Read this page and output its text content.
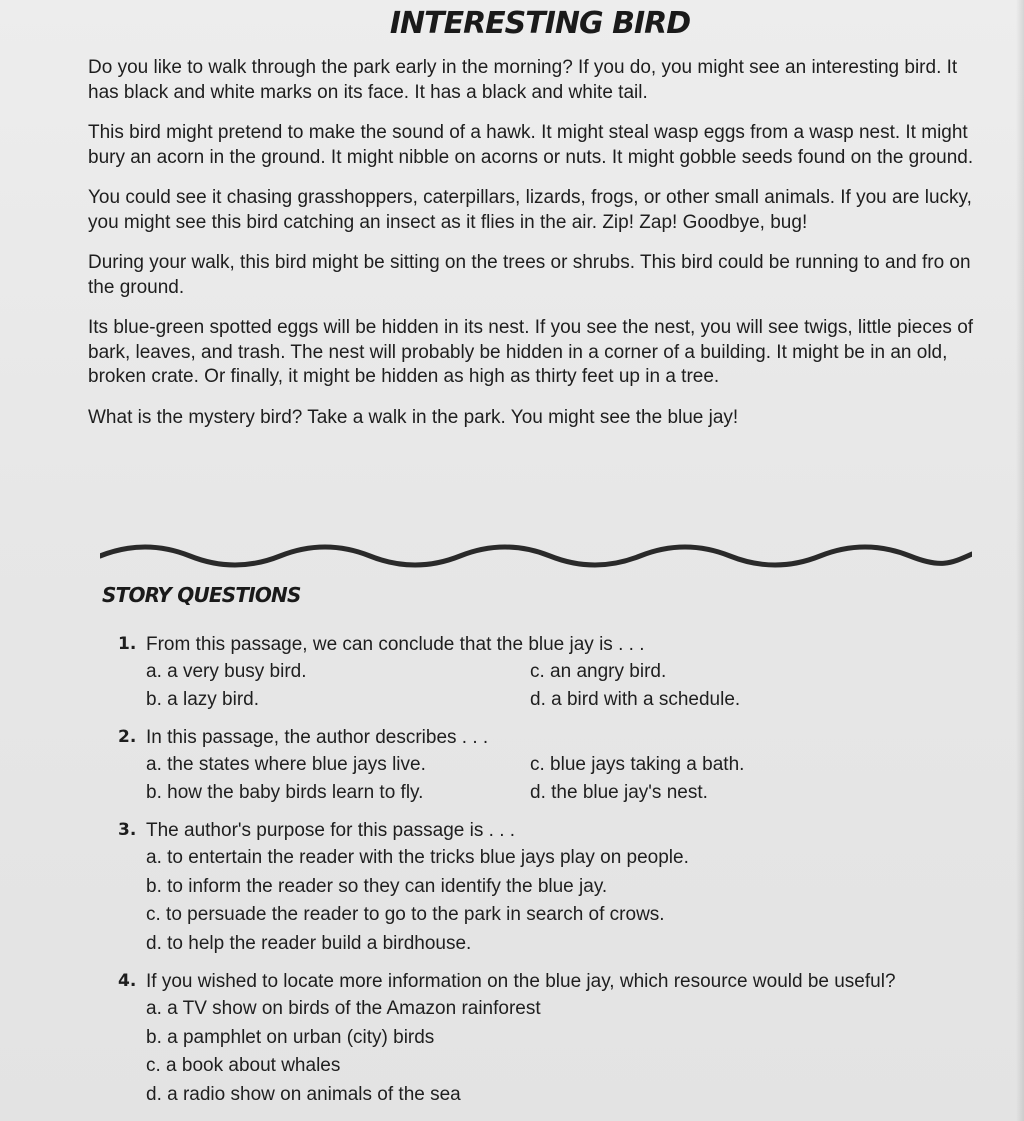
INTERESTING BIRD

Do you like to walk through the park early in the morning? If you do, you might see an interesting bird. It has black and white marks on its face. It has a black and white tail.

This bird might pretend to make the sound of a hawk. It might steal wasp eggs from a wasp nest. It might bury an acorn in the ground. It might nibble on acorns or nuts. It might gobble seeds found on the ground.

You could see it chasing grasshoppers, caterpillars, lizards, frogs, or other small animals. If you are lucky, you might see this bird catching an insect as it flies in the air. Zip! Zap! Goodbye, bug!

During your walk, this bird might be sitting on the trees or shrubs. This bird could be running to and fro on the ground.

Its blue-green spotted eggs will be hidden in its nest. If you see the nest, you will see twigs, little pieces of bark, leaves, and trash. The nest will probably be hidden in a corner of a building. It might be in an old, broken crate. Or finally, it might be hidden as high as thirty feet up in a tree.

What is the mystery bird? Take a walk in the park. You might see the blue jay!

STORY QUESTIONS
1. From this passage, we can conclude that the blue jay is . . .
a. a very busy bird.	c. an angry bird.
b. a lazy bird.	d. a bird with a schedule.
2. In this passage, the author describes . . .
a. the states where blue jays live.	c. blue jays taking a bath.
b. how the baby birds learn to fly.	d. the blue jay's nest.
3. The author's purpose for this passage is . . .
a. to entertain the reader with the tricks blue jays play on people.
b. to inform the reader so they can identify the blue jay.
c. to persuade the reader to go to the park in search of crows.
d. to help the reader build a birdhouse.
4. If you wished to locate more information on the blue jay, which resource would be useful?
a. a TV show on birds of the Amazon rainforest
b. a pamphlet on urban (city) birds
c. a book about whales
d. a radio show on animals of the sea
